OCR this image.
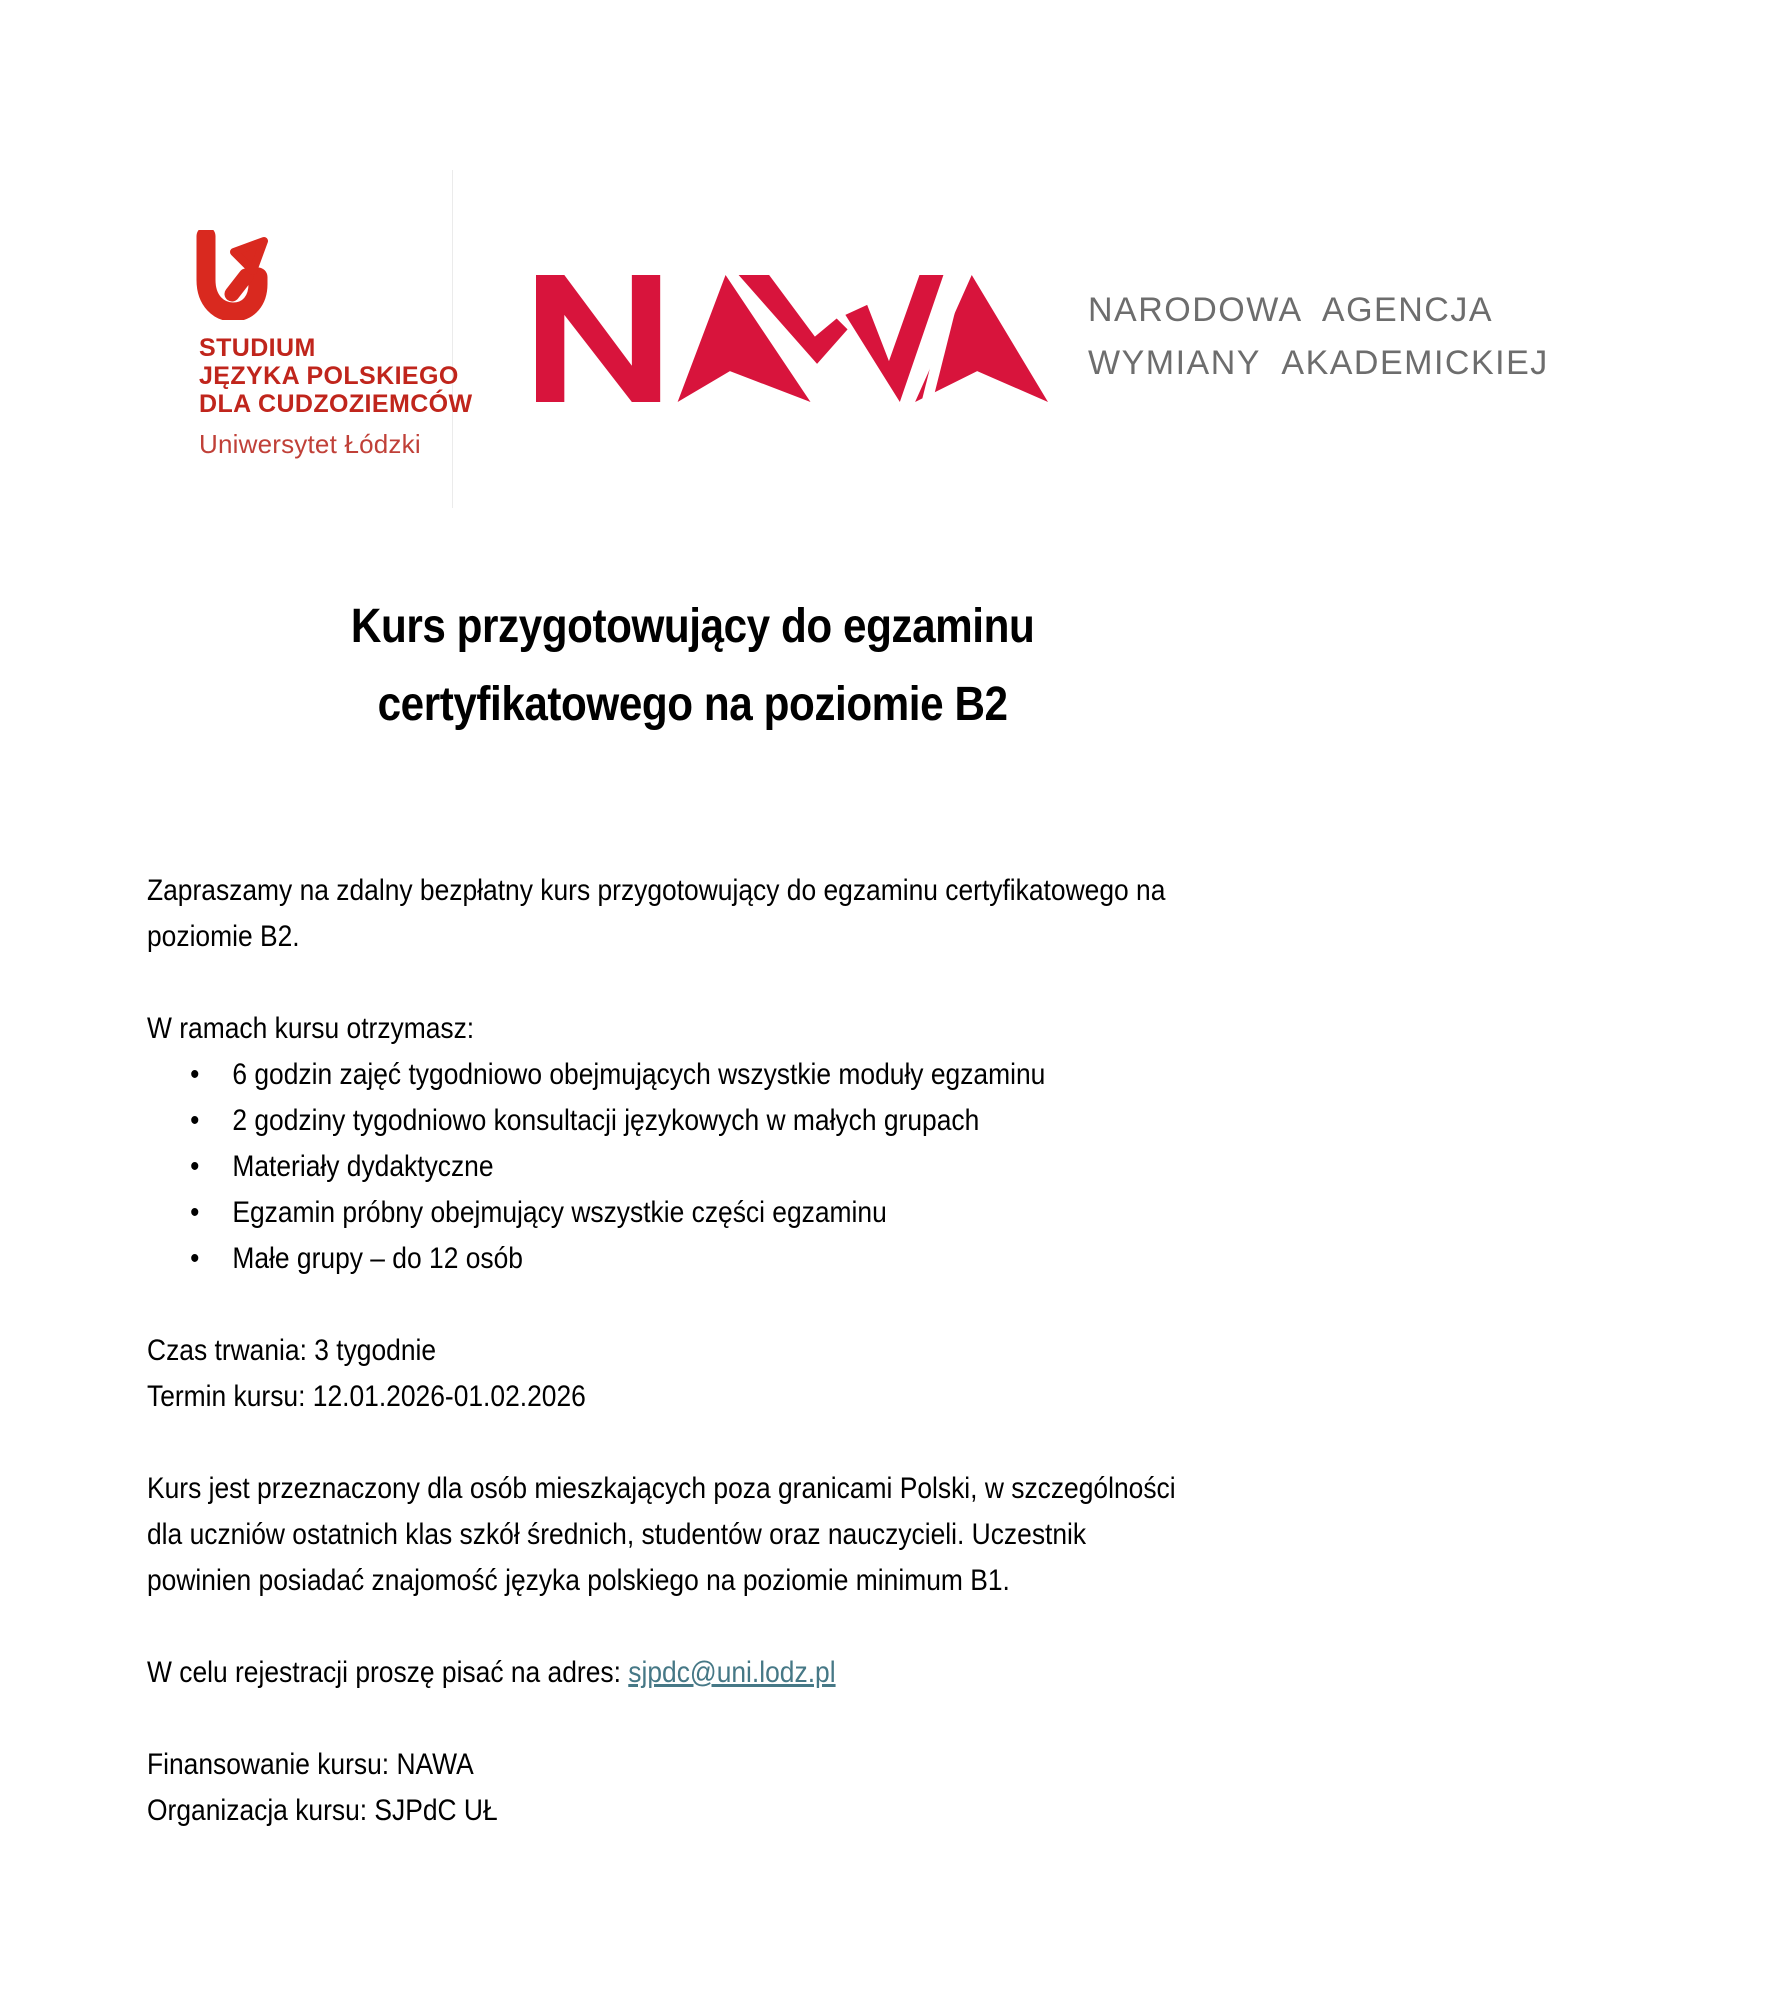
STUDIUM
JĘZYKA POLSKIEGO
DLA CUDZOZIEMCÓW
Uniwersytet Łódzki
NARODOWA AGENCJA
WYMIANY AKADEMICKIEJ
Kurs przygotowujący do egzaminu
certyfikatowego na poziomie B2

Zapraszamy na zdalny bezpłatny kurs przygotowujący do egzaminu certyfikatowego na
poziomie B2.

W ramach kursu otrzymasz:
• 6 godzin zajęć tygodniowo obejmujących wszystkie moduły egzaminu
• 2 godziny tygodniowo konsultacji językowych w małych grupach
• Materiały dydaktyczne
• Egzamin próbny obejmujący wszystkie części egzaminu
• Małe grupy – do 12 osób

Czas trwania: 3 tygodnie
Termin kursu: 12.01.2026-01.02.2026

Kurs jest przeznaczony dla osób mieszkających poza granicami Polski, w szczególności
dla uczniów ostatnich klas szkół średnich, studentów oraz nauczycieli. Uczestnik
powinien posiadać znajomość języka polskiego na poziomie minimum B1.

W celu rejestracji proszę pisać na adres: sjpdc@uni.lodz.pl

Finansowanie kursu: NAWA
Organizacja kursu: SJPdC UŁ
